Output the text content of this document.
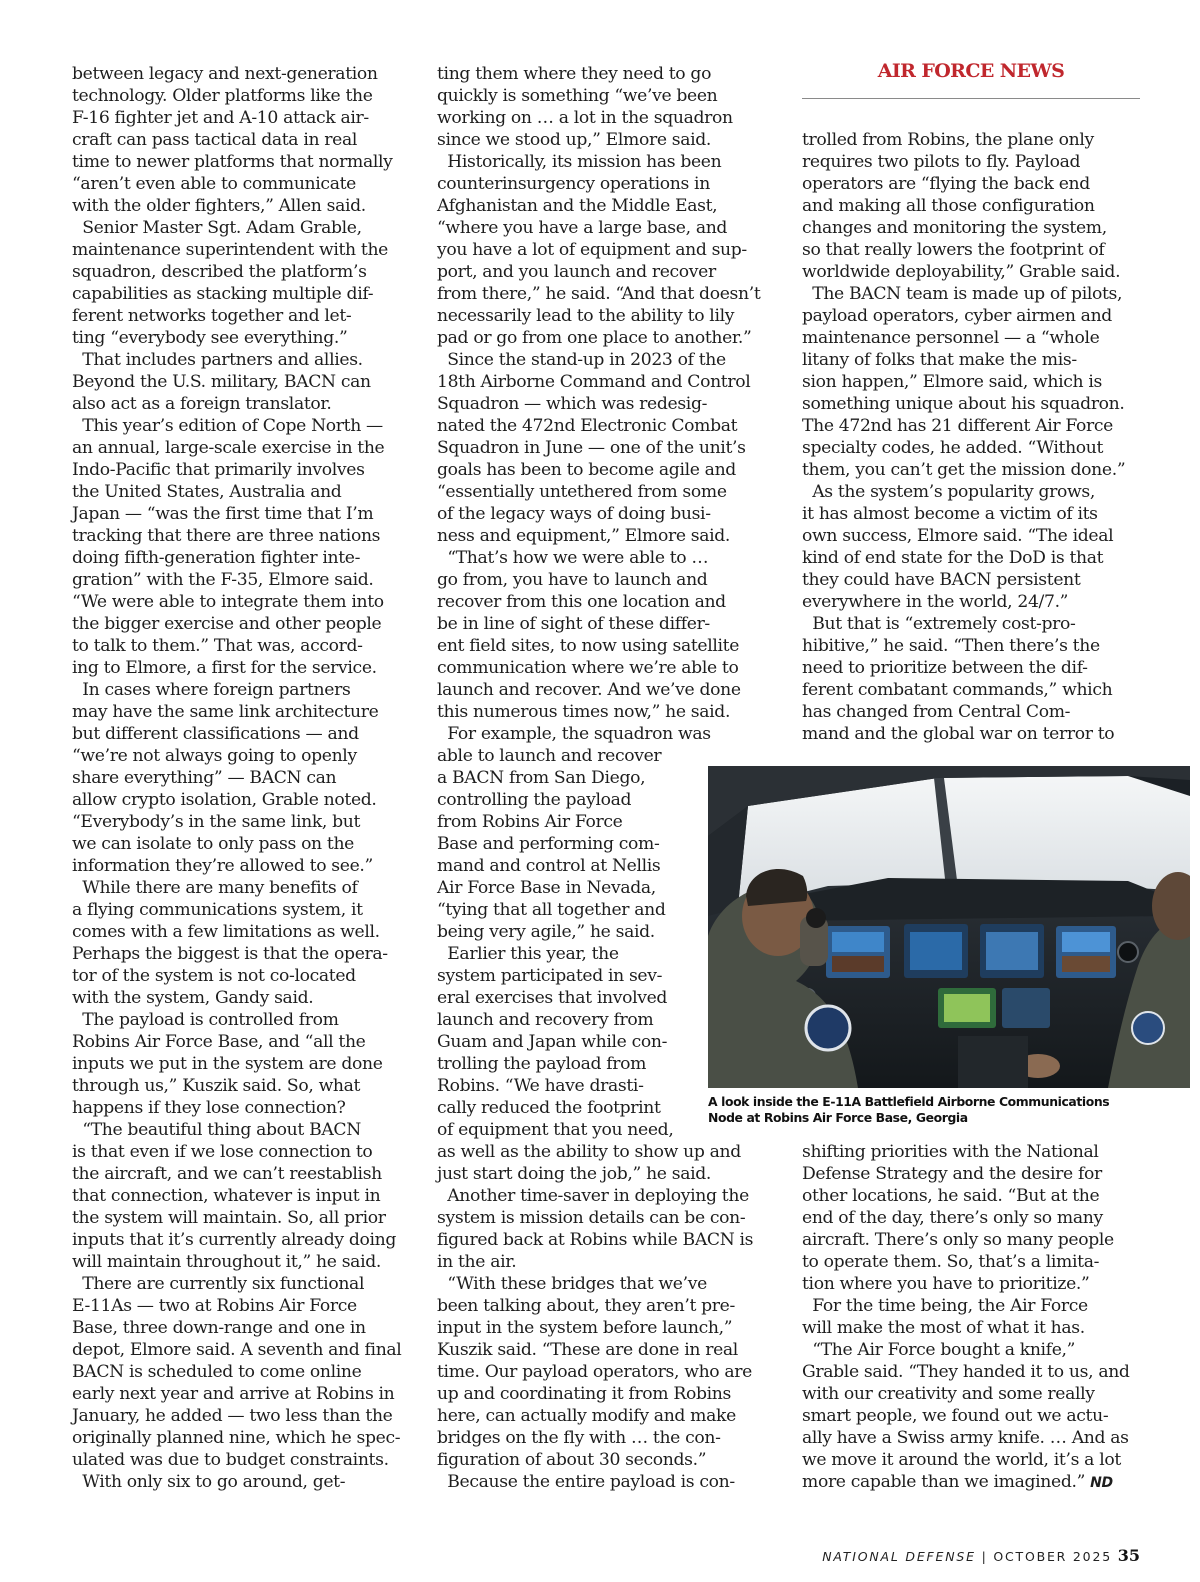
AIR FORCE NEWS

between legacy and next-generation
technology. Older platforms like the
F-16 fighter jet and A-10 attack air-
craft can pass tactical data in real
time to newer platforms that normally
“aren’t even able to communicate
with the older fighters,” Allen said.

Senior Master Sgt. Adam Grable,
maintenance superintendent with the
squadron, described the platform’s
capabilities as stacking multiple dif-
ferent networks together and let-
ting “everybody see everything.”

That includes partners and allies.
Beyond the U.S. military, BACN can
also act as a foreign translator.

This year’s edition of Cope North —
an annual, large-scale exercise in the
Indo-Pacific that primarily involves
the United States, Australia and
Japan — “was the first time that I’m
tracking that there are three nations
doing fifth-generation fighter inte-
gration” with the F-35, Elmore said.
“We were able to integrate them into
the bigger exercise and other people
to talk to them.” That was, accord-
ing to Elmore, a first for the service.

In cases where foreign partners
may have the same link architecture
but different classifications — and
“we’re not always going to openly
share everything” — BACN can
allow crypto isolation, Grable noted.
“Everybody’s in the same link, but
we can isolate to only pass on the
information they’re allowed to see.”

While there are many benefits of
a flying communications system, it
comes with a few limitations as well.
Perhaps the biggest is that the opera-
tor of the system is not co-located
with the system, Gandy said.

The payload is controlled from
Robins Air Force Base, and “all the
inputs we put in the system are done
through us,” Kuszik said. So, what
happens if they lose connection?

“The beautiful thing about BACN
is that even if we lose connection to
the aircraft, and we can’t reestablish
that connection, whatever is input in
the system will maintain. So, all prior
inputs that it’s currently already doing
will maintain throughout it,” he said.

There are currently six functional
E-11As — two at Robins Air Force
Base, three down-range and one in
depot, Elmore said. A seventh and final
BACN is scheduled to come online
early next year and arrive at Robins in
January, he added — two less than the
originally planned nine, which he spec-
ulated was due to budget constraints.

With only six to go around, get-

ting them where they need to go
quickly is something “we’ve been
working on … a lot in the squadron
since we stood up,” Elmore said.

Historically, its mission has been
counterinsurgency operations in
Afghanistan and the Middle East,
“where you have a large base, and
you have a lot of equipment and sup-
port, and you launch and recover
from there,” he said. “And that doesn’t
necessarily lead to the ability to lily
pad or go from one place to another.”

Since the stand-up in 2023 of the
18th Airborne Command and Control
Squadron — which was redesig-
nated the 472nd Electronic Combat
Squadron in June — one of the unit’s
goals has been to become agile and
“essentially untethered from some
of the legacy ways of doing busi-
ness and equipment,” Elmore said.

“That’s how we were able to …
go from, you have to launch and
recover from this one location and
be in line of sight of these differ-
ent field sites, to now using satellite
communication where we’re able to
launch and recover. And we’ve done
this numerous times now,” he said.

For example, the squadron was
able to launch and recover
a BACN from San Diego,
controlling the payload
from Robins Air Force
Base and performing com-
mand and control at Nellis
Air Force Base in Nevada,
“tying that all together and
being very agile,” he said.

Earlier this year, the
system participated in sev-
eral exercises that involved
launch and recovery from
Guam and Japan while con-
trolling the payload from
Robins. “We have drasti-
cally reduced the footprint
of equipment that you need,
as well as the ability to show up and
just start doing the job,” he said.

Another time-saver in deploying the
system is mission details can be con-
figured back at Robins while BACN is
in the air.

“With these bridges that we’ve
been talking about, they aren’t pre-
input in the system before launch,”
Kuszik said. “These are done in real
time. Our payload operators, who are
up and coordinating it from Robins
here, can actually modify and make
bridges on the fly with … the con-
figuration of about 30 seconds.”

Because the entire payload is con-

trolled from Robins, the plane only
requires two pilots to fly. Payload
operators are “flying the back end
and making all those configuration
changes and monitoring the system,
so that really lowers the footprint of
worldwide deployability,” Grable said.

The BACN team is made up of pilots,
payload operators, cyber airmen and
maintenance personnel — a “whole
litany of folks that make the mis-
sion happen,” Elmore said, which is
something unique about his squadron.
The 472nd has 21 different Air Force
specialty codes, he added. “Without
them, you can’t get the mission done.”

As the system’s popularity grows,
it has almost become a victim of its
own success, Elmore said. “The ideal
kind of end state for the DoD is that
they could have BACN persistent
everywhere in the world, 24/7.”

But that is “extremely cost-pro-
hibitive,” he said. “Then there’s the
need to prioritize between the dif-
ferent combatant commands,” which
has changed from Central Com-
mand and the global war on terror to

shifting priorities with the National
Defense Strategy and the desire for
other locations, he said. “But at the
end of the day, there’s only so many
aircraft. There’s only so many people
to operate them. So, that’s a limita-
tion where you have to prioritize.”

For the time being, the Air Force
will make the most of what it has.

“The Air Force bought a knife,”
Grable said. “They handed it to us, and
with our creativity and some really
smart people, we found out we actu-
ally have a Swiss army knife. … And as
we move it around the world, it’s a lot
more capable than we imagined.” ND

A look inside the E-11A Battlefield Airborne Communications
Node at Robins Air Force Base, Georgia

NATIONAL DEFENSE | OCTOBER 2025 35
